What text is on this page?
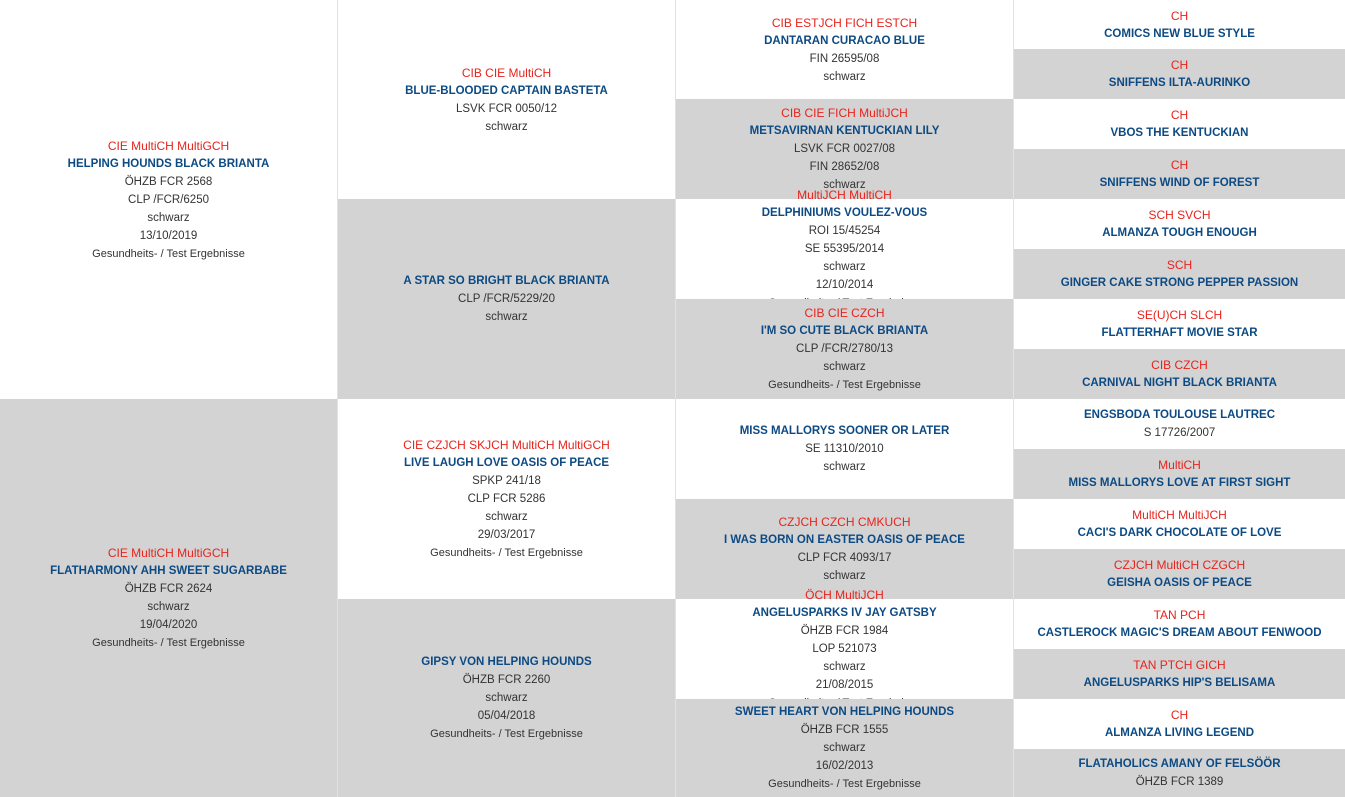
CIE MultiCH MultiGCH
HELPING HOUNDS BLACK BRIANTA
ÖHZB FCR 2568
CLP /FCR/6250
schwarz
13/10/2019
Gesundheits- / Test Ergebnisse
CIE MultiCH MultiGCH
FLATHARMONY AHH SWEET SUGARBABE
ÖHZB FCR 2624
schwarz
19/04/2020
Gesundheits- / Test Ergebnisse
CIB CIE MultiCH
BLUE-BLOODED CAPTAIN BASTETA
LSVK FCR 0050/12
schwarz
A STAR SO BRIGHT BLACK BRIANTA
CLP /FCR/5229/20
schwarz
CIE CZJCH SKJCH MultiCH MultiGCH
LIVE LAUGH LOVE OASIS OF PEACE
SPKP 241/18
CLP FCR 5286
schwarz
29/03/2017
Gesundheits- / Test Ergebnisse
GIPSY VON HELPING HOUNDS
ÖHZB FCR 2260
schwarz
05/04/2018
Gesundheits- / Test Ergebnisse
CIB ESTJCH FICH ESTCH
DANTARAN CURACAO BLUE
FIN 26595/08
schwarz
CIB CIE FICH MultiJCH
METSAVIRNAN KENTUCKIAN LILY
LSVK FCR 0027/08
FIN 28652/08
schwarz
MultiJCH MultiCH
DELPHINIUMS VOULEZ-VOUS
ROI 15/45254
SE 55395/2014
schwarz
12/10/2014
CIB CIE CZCH
I'M SO CUTE BLACK BRIANTA
CLP /FCR/2780/13
schwarz
Gesundheits- / Test Ergebnisse
MISS MALLORYS SOONER OR LATER
SE 11310/2010
schwarz
CZJCH CZCH CMKUCH
I WAS BORN ON EASTER OASIS OF PEACE
CLP FCR 4093/17
schwarz
ÖCH MultiJCH
ANGELUSPARKS IV JAY GATSBY
ÖHZB FCR 1984
LOP 521073
schwarz
21/08/2015
SWEET HEART VON HELPING HOUNDS
ÖHZB FCR 1555
schwarz
16/02/2013
Gesundheits- / Test Ergebnisse
CH
COMICS NEW BLUE STYLE
CH
SNIFFENS ILTA-AURINKO
CH
VBOS THE KENTUCKIAN
CH
SNIFFENS WIND OF FOREST
SCH SVCH
ALMANZA TOUGH ENOUGH
SCH
GINGER CAKE STRONG PEPPER PASSION
SE(U)CH SLCH
FLATTERHAFT MOVIE STAR
CIB CZCH
CARNIVAL NIGHT BLACK BRIANTA
ENGSBODA TOULOUSE LAUTREC
S 17726/2007
MultiCH
MISS MALLORYS LOVE AT FIRST SIGHT
MultiCH MultiJCH
CACI'S DARK CHOCOLATE OF LOVE
CZJCH MultiCH CZGCH
GEISHA OASIS OF PEACE
TAN PCH
CASTLEROCK MAGIC'S DREAM ABOUT FENWOOD
TAN PTCH GICH
ANGELUSPARKS HIP'S BELISAMA
CH
ALMANZA LIVING LEGEND
FLATAHOLICS AMANY OF FELSÖÖR
ÖHZB FCR 1389
